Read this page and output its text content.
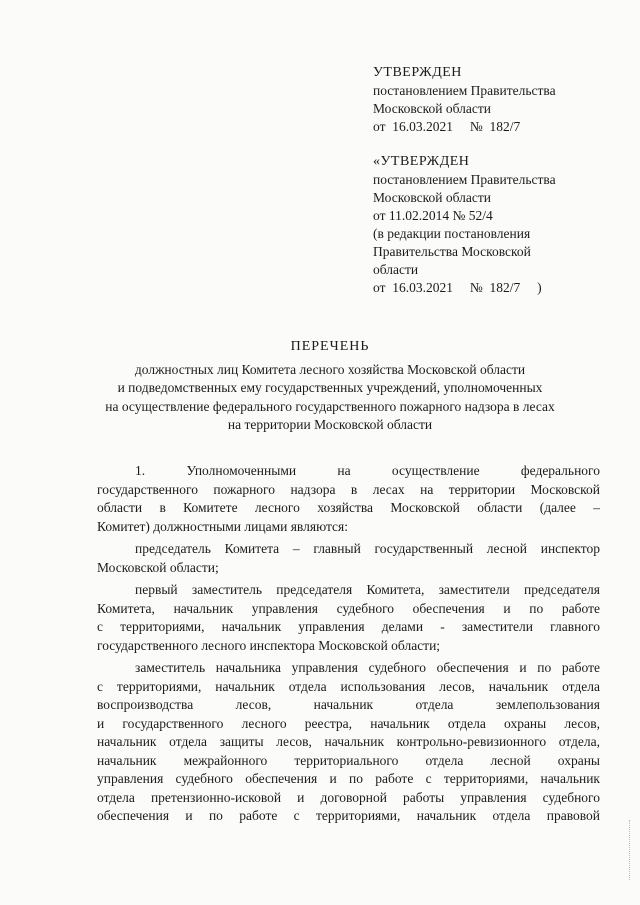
УТВЕРЖДЕН
постановлением Правительства
Московской области
от  16.03.2021     №  182/7
«УТВЕРЖДЕН
постановлением Правительства
Московской области
от 11.02.2014 № 52/4
(в редакции постановления
Правительства Московской
области
от  16.03.2021     №  182/7     )
ПЕРЕЧЕНЬ
должностных лиц Комитета лесного хозяйства Московской области
и подведомственных ему государственных учреждений, уполномоченных
на осуществление федерального государственного пожарного надзора в лесах
на территории Московской области
1. Уполномоченными на осуществление федерального
государственного пожарного надзора в лесах на территории Московской
области в Комитете лесного хозяйства Московской области (далее –
Комитет) должностными лицами являются:
председатель Комитета – главный государственный лесной инспектор
Московской области;
первый заместитель председателя Комитета, заместители председателя
Комитета, начальник управления судебного обеспечения и по работе
с территориями, начальник управления делами - заместители главного
государственного лесного инспектора Московской области;
заместитель начальника управления судебного обеспечения и по работе
с территориями, начальник отдела использования лесов, начальник отдела
воспроизводства лесов, начальник отдела землепользования
и государственного лесного реестра, начальник отдела охраны лесов,
начальник отдела защиты лесов, начальник контрольно-ревизионного отдела,
начальник межрайонного территориального отдела лесной охраны
управления судебного обеспечения и по работе с территориями, начальник
отдела претензионно-исковой и договорной работы управления судебного
обеспечения и по работе с территориями, начальник отдела правовой
